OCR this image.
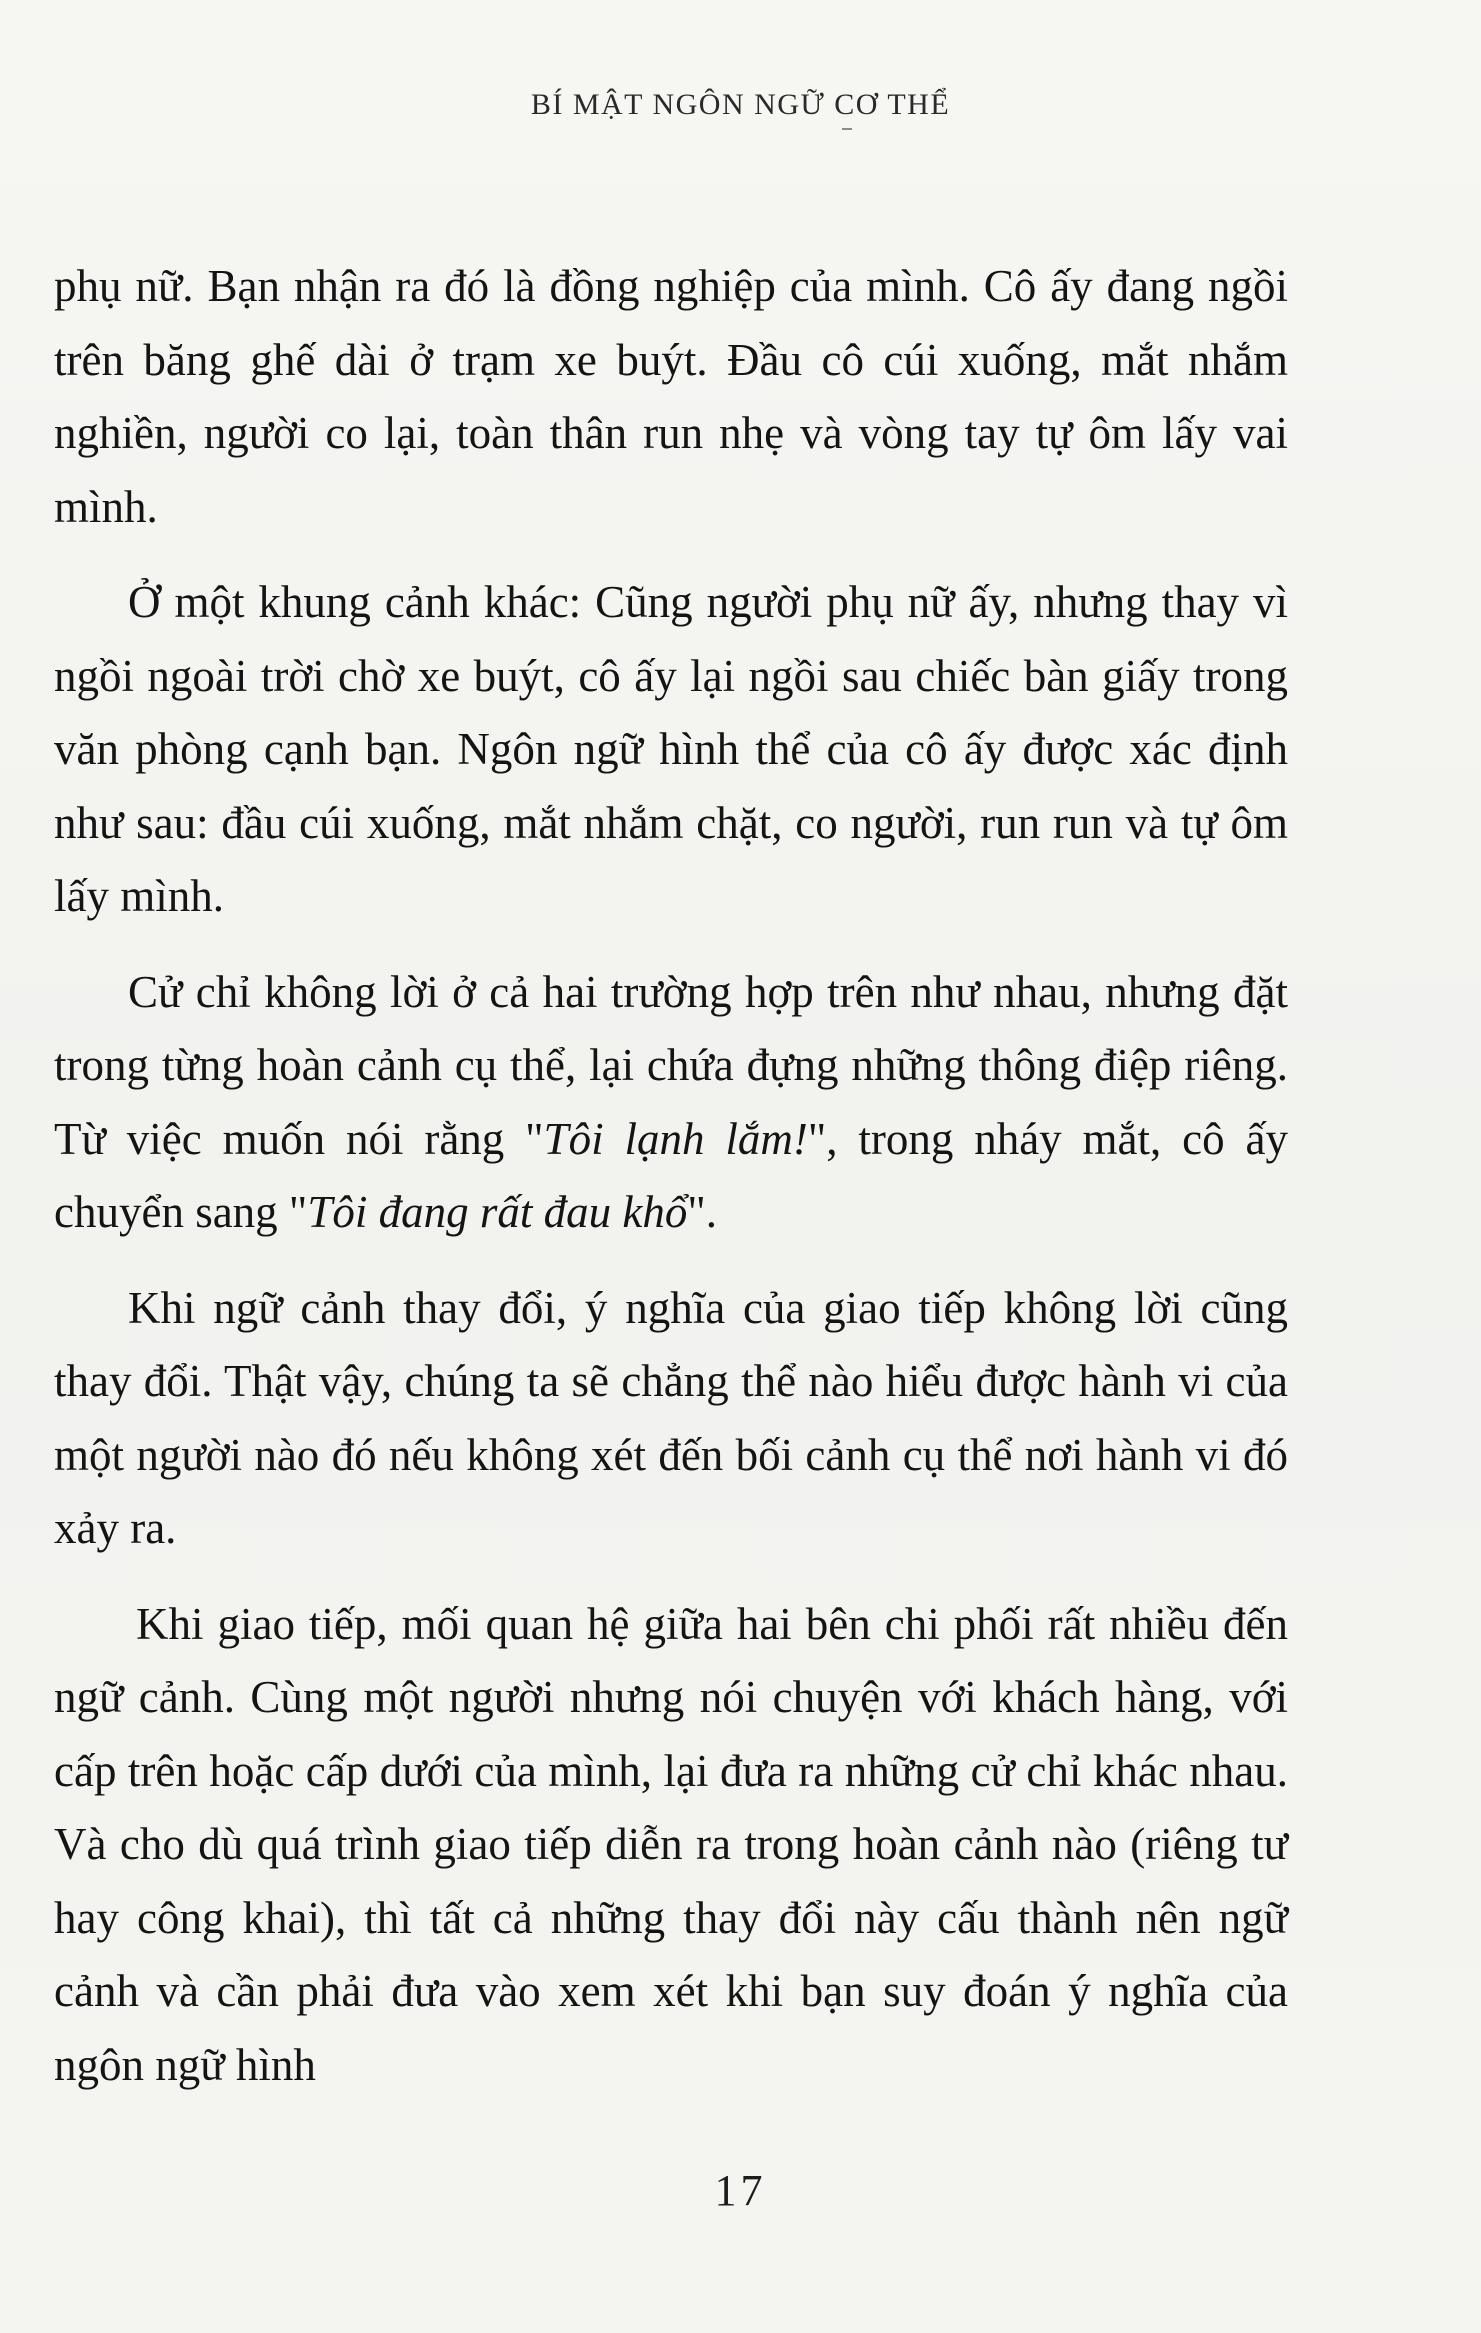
BÍ MẬT NGÔN NGỮ CƠ THỂ

phụ nữ. Bạn nhận ra đó là đồng nghiệp của mình. Cô ấy đang ngồi trên băng ghế dài ở trạm xe buýt. Đầu cô cúi xuống, mắt nhắm nghiền, người co lại, toàn thân run nhẹ và vòng tay tự ôm lấy vai mình.

Ở một khung cảnh khác: Cũng người phụ nữ ấy, nhưng thay vì ngồi ngoài trời chờ xe buýt, cô ấy lại ngồi sau chiếc bàn giấy trong văn phòng cạnh bạn. Ngôn ngữ hình thể của cô ấy được xác định như sau: đầu cúi xuống, mắt nhắm chặt, co người, run run và tự ôm lấy mình.

Cử chỉ không lời ở cả hai trường hợp trên như nhau, nhưng đặt trong từng hoàn cảnh cụ thể, lại chứa đựng những thông điệp riêng. Từ việc muốn nói rằng "Tôi lạnh lắm!", trong nháy mắt, cô ấy chuyển sang "Tôi đang rất đau khổ".

Khi ngữ cảnh thay đổi, ý nghĩa của giao tiếp không lời cũng thay đổi. Thật vậy, chúng ta sẽ chẳng thể nào hiểu được hành vi của một người nào đó nếu không xét đến bối cảnh cụ thể nơi hành vi đó xảy ra.

Khi giao tiếp, mối quan hệ giữa hai bên chi phối rất nhiều đến ngữ cảnh. Cùng một người nhưng nói chuyện với khách hàng, với cấp trên hoặc cấp dưới của mình, lại đưa ra những cử chỉ khác nhau. Và cho dù quá trình giao tiếp diễn ra trong hoàn cảnh nào (riêng tư hay công khai), thì tất cả những thay đổi này cấu thành nên ngữ cảnh và cần phải đưa vào xem xét khi bạn suy đoán ý nghĩa của ngôn ngữ hình

17
